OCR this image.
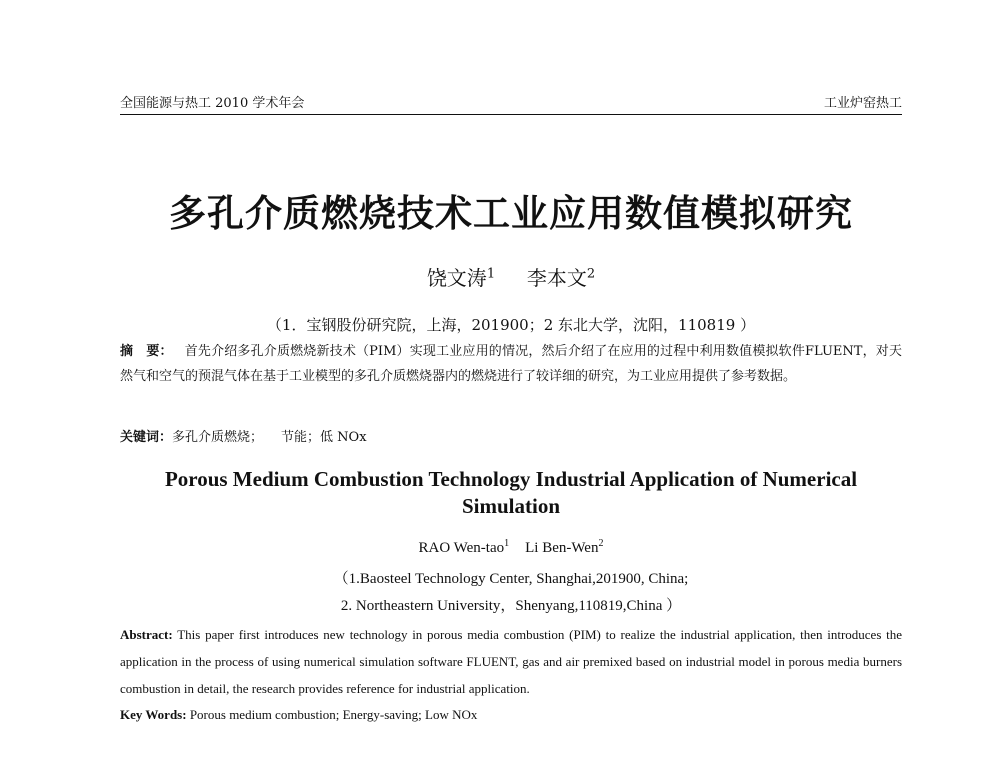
全国能源与热工 2010 学术年会	工业炉窑热工
多孔介质燃烧技术工业应用数值模拟研究
饶文涛$^1$ 李本文$^2$
（1．宝钢股份研究院，上海，201900；2 东北大学，沈阳，110819 ）
摘　要： 首先介绍多孔介质燃烧新技术（PIM）实现工业应用的情况，然后介绍了在应用的过程中利用数值模拟软件FLUENT，对天然气和空气的预混气体在基于工业模型的多孔介质燃烧器内的燃烧进行了较详细的研究，为工业应用提供了参考数据。
关键词：多孔介质燃烧； 节能；低 NOx
Porous Medium Combustion Technology Industrial Application of Numerical Simulation
RAO Wen-tao$^1$ Li Ben-Wen$^2$
（1.Baosteel Technology Center, Shanghai,201900, China;
2. Northeastern University，Shenyang,110819,China ）
Abstract: This paper first introduces new technology in porous media combustion (PIM) to realize the industrial application, then introduces the application in the process of using numerical simulation software FLUENT, gas and air premixed based on industrial model in porous media burners combustion in detail, the research provides reference for industrial application.
Key Words: Porous medium combustion; Energy-saving; Low NOx
